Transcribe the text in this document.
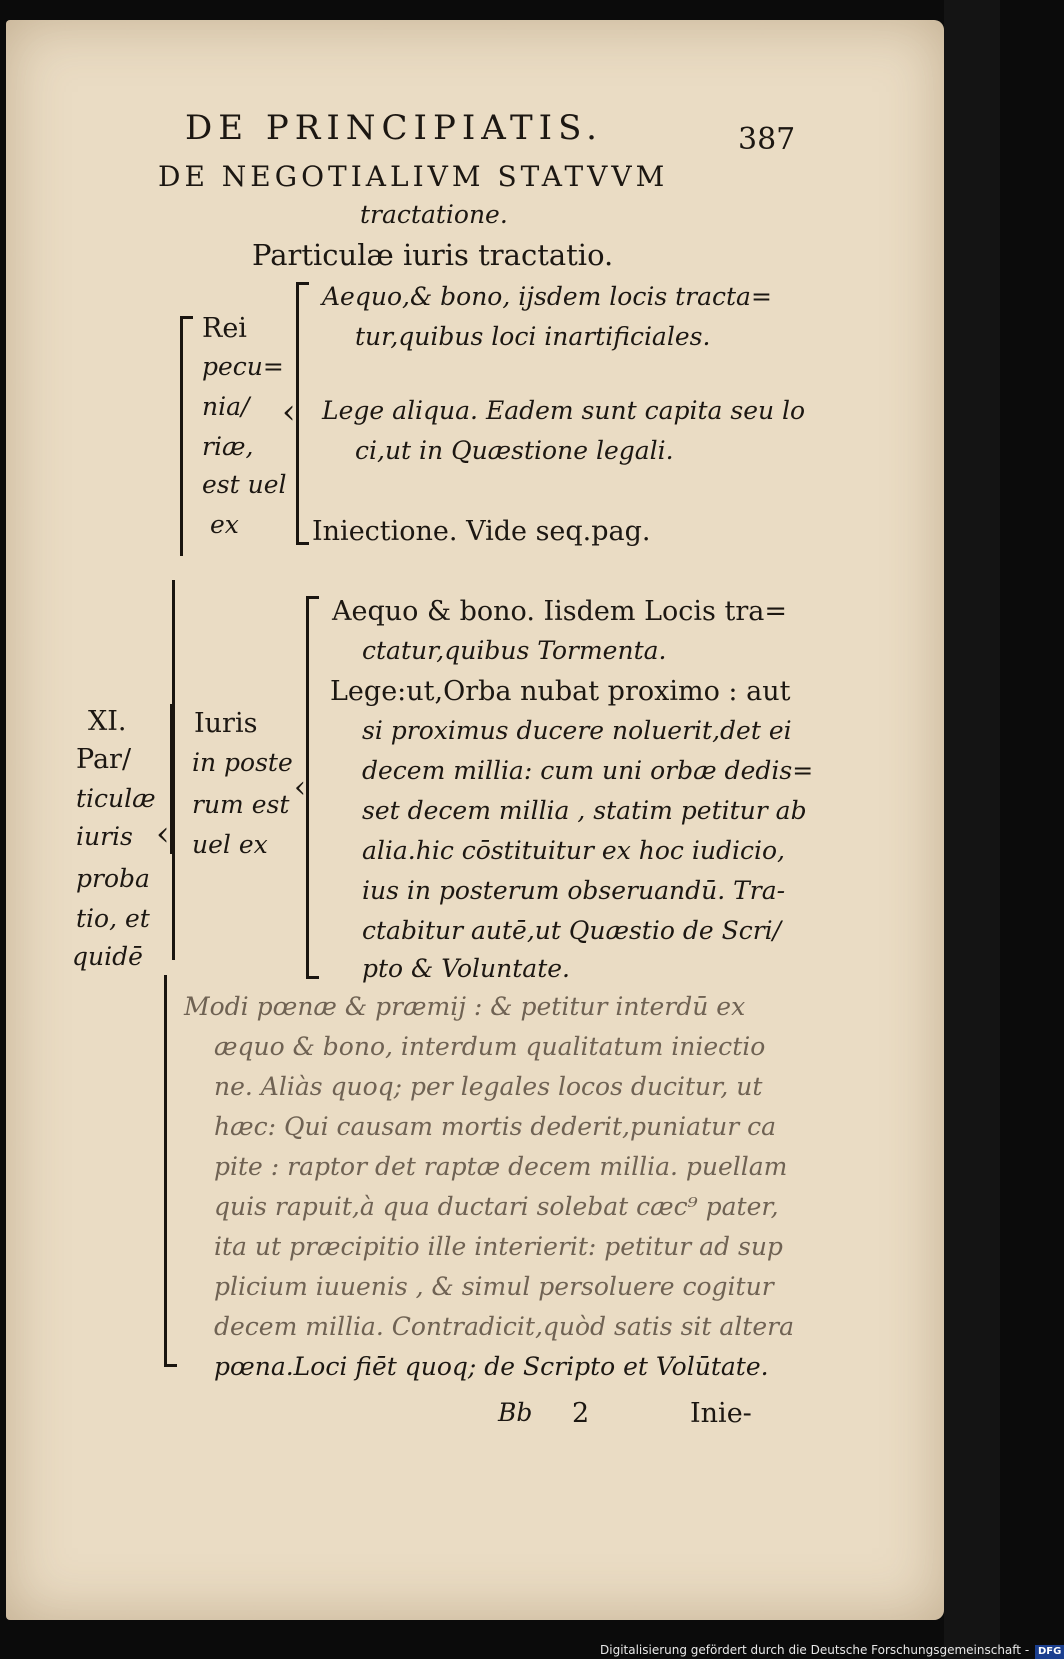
DE PRINCIPIATIS.	387
DE NEGOTIALIVM STATVVM
tractatione.
Particulæ iuris tractatio.
Rei
pecu=
nia/
riæ,
est uel
ex
‹
Aequo,& bono, ijsdem locis tracta=
tur,quibus loci inartificiales.
Lege aliqua. Eadem sunt capita seu lo
ci,ut in Quæstione legali.
Iniectione. Vide seq.pag.
XI.
Par/
ticulæ
iuris
proba
tio, et
quidē
‹
Iuris
in poste
rum est
uel ex
‹
Aequo & bono. Iisdem Locis tra=
ctatur,quibus Tormenta.
Lege:ut,Orba nubat proximo : aut
si proximus ducere noluerit,det ei
decem millia: cum uni orbæ dedis=
set decem millia , statim petitur ab
alia.hic cōstituitur ex hoc iudicio,
ius in posterum obseruandū. Tra-
ctabitur autē,ut Quæstio de Scri/
pto & Voluntate.
Modi pœnæ & præmij : & petitur interdū ex
æquo & bono, interdum qualitatum iniectio
ne. Aliàs quoq; per legales locos ducitur, ut
hæc: Qui causam mortis dederit,puniatur ca
pite : raptor det raptæ decem millia. puellam
quis rapuit,à qua ductari solebat cæc⁹ pater,
ita ut præcipitio ille interierit: petitur ad sup
plicium iuuenis , & simul persoluere cogitur
decem millia. Contradicit,quòd satis sit altera
pœna.Loci fiēt quoq; de Scripto et Volūtate.
Bb 2	Inie-
Digitalisierung gefördert durch die Deutsche Forschungsgemeinschaft - DFG
